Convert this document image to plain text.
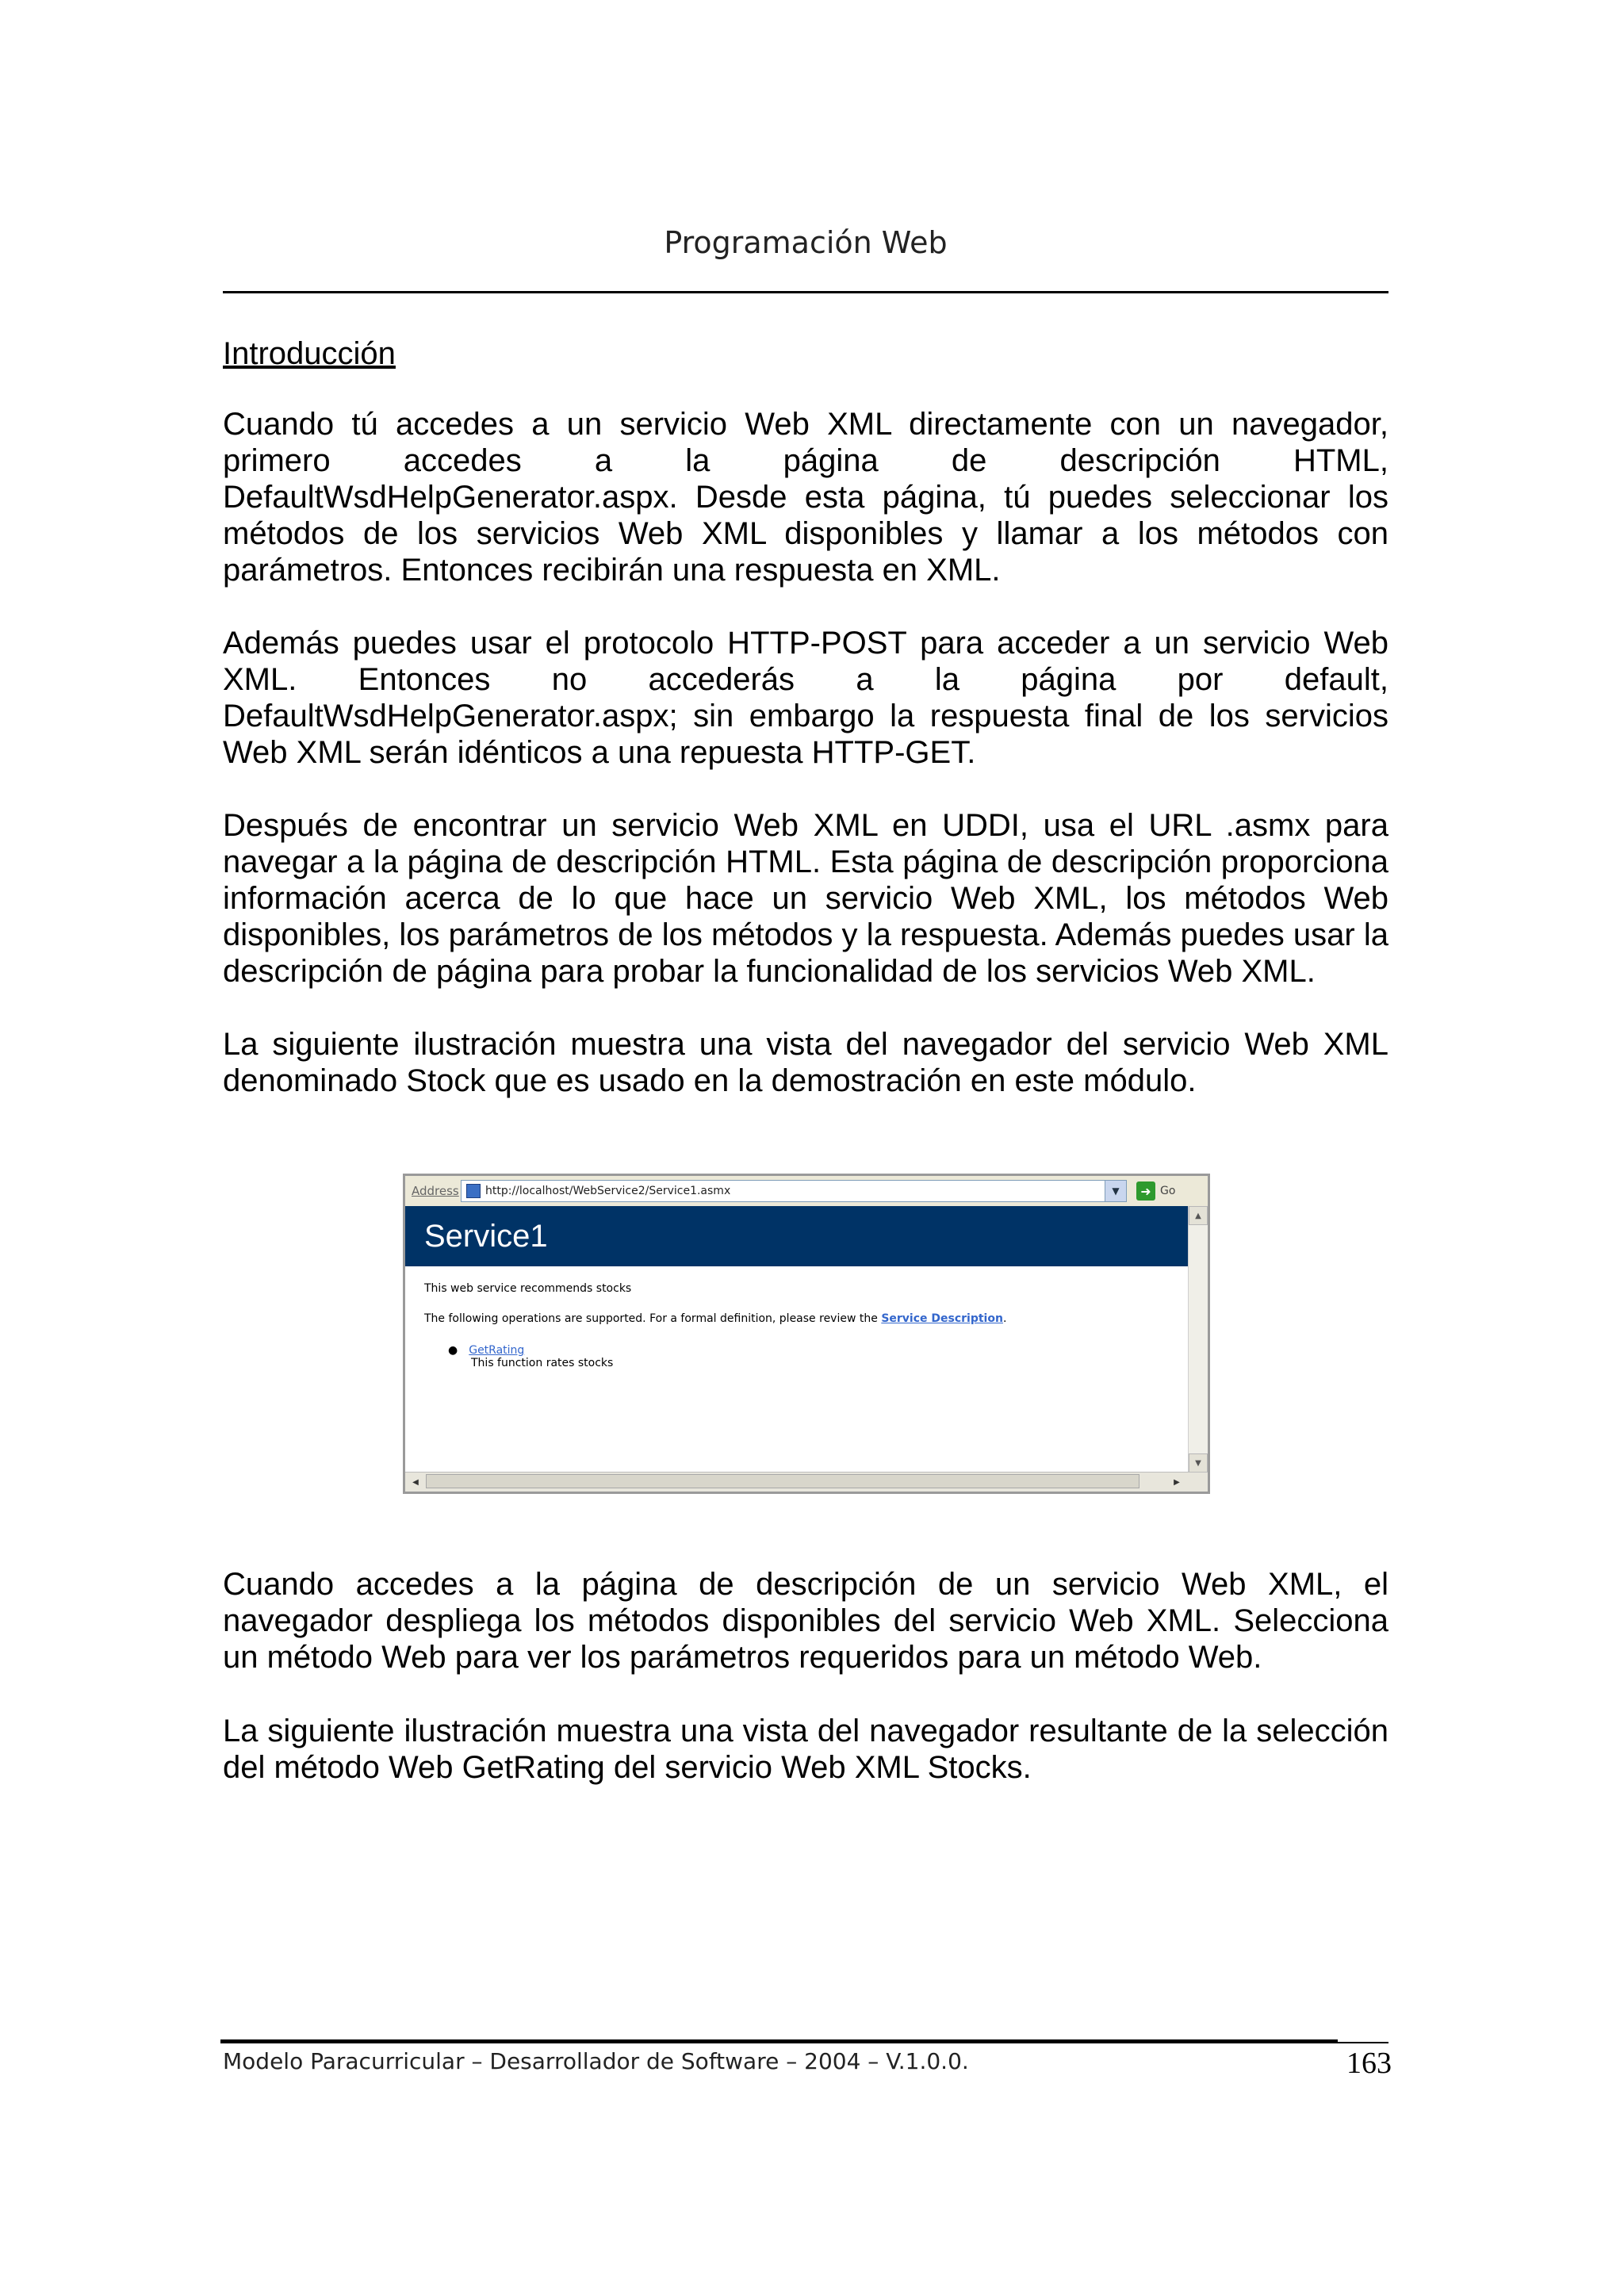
Programación Web
Introducción

Cuando tú accedes a un servicio Web XML directamente con un navegador, primero accedes a la página de descripción HTML, DefaultWsdHelpGenerator.aspx. Desde esta página, tú puedes seleccionar los métodos de los servicios Web XML disponibles y llamar a los métodos con parámetros. Entonces recibirán una respuesta en XML.

Además puedes usar el protocolo HTTP-POST para acceder a un servicio Web XML. Entonces no accederás a la página por default, DefaultWsdHelpGenerator.aspx; sin embargo la respuesta final de los servicios Web XML serán idénticos a una repuesta HTTP-GET.

Después de encontrar un servicio Web XML en UDDI, usa el URL .asmx para navegar a la página de descripción HTML. Esta página de descripción proporciona información acerca de lo que hace un servicio Web XML, los métodos Web disponibles, los parámetros de los métodos y la respuesta. Además puedes usar la descripción de página para probar la funcionalidad de los servicios Web XML.

La siguiente ilustración muestra una vista del navegador del servicio Web XML denominado Stock que es usado en la demostración en este módulo.

Address http://localhost/WebService2/Service1.asmx	▼	➜ Go
Service1
This web service recommends stocks
The following operations are supported. For a formal definition, please review the Service Description.
● GetRating
This function rates stocks
▲
▼
◀	▶

Cuando accedes a la página de descripción de un servicio Web XML, el navegador despliega los métodos disponibles del servicio Web XML. Selecciona un método Web para ver los parámetros requeridos para un método Web.

La siguiente ilustración muestra una vista del navegador resultante de la selección del método Web GetRating del servicio Web XML Stocks.

Modelo Paracurricular – Desarrollador de Software – 2004 – V.1.0.0.	163
